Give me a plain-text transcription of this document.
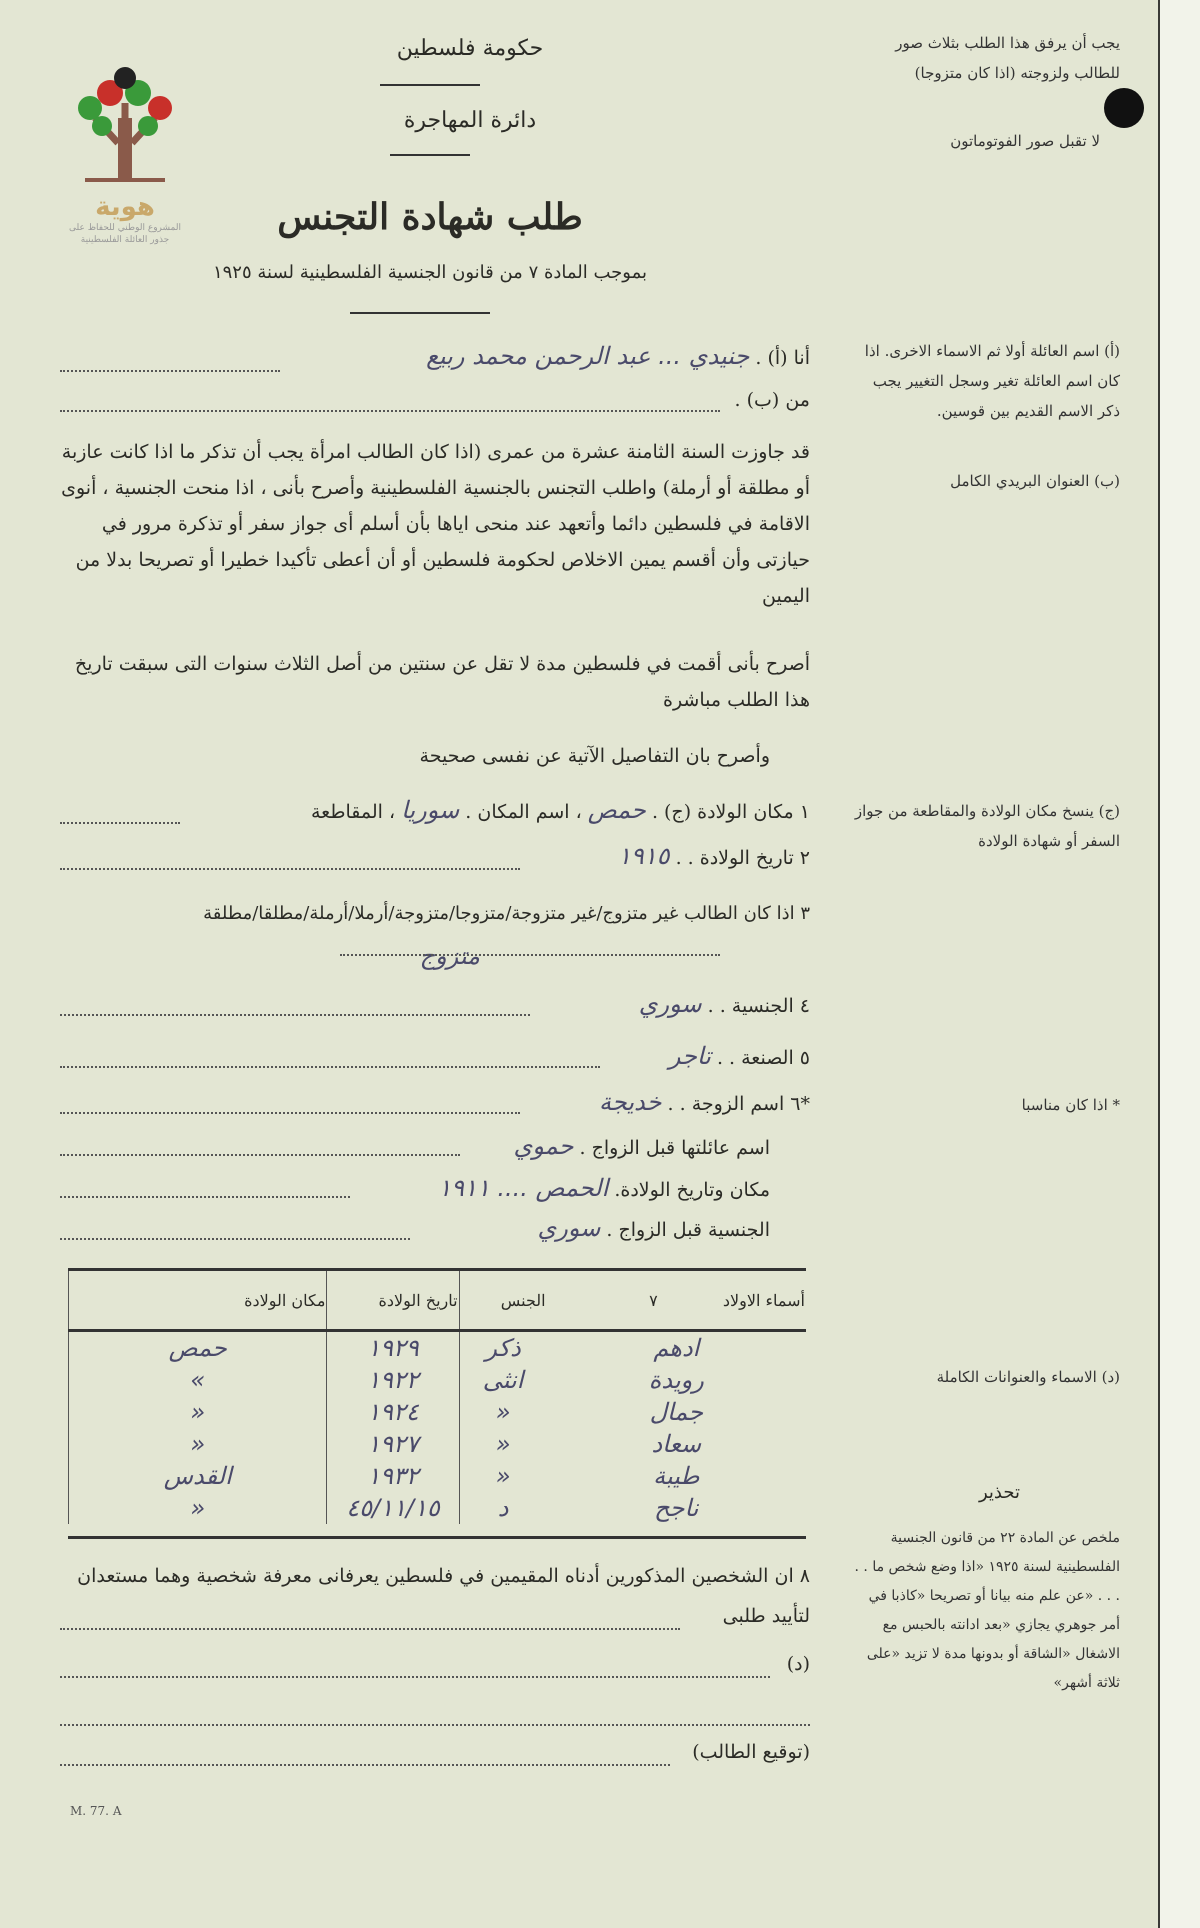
هوية
المشروع الوطني للحفاظ على
جذور العائلة الفلسطينية
حكومة فلسطين
دائرة المهاجرة
طلب شهادة التجنس
بموجب المادة ٧ من قانون الجنسية الفلسطينية لسنة ١٩٢٥
يجب أن يرفق هذا الطلب بثلاث صور للطالب ولزوجته (اذا كان متزوجا)
لا تقبل صور الفوتوماتون
(أ) اسم العائلة أولا ثم الاسماء الاخرى. اذا كان اسم العائلة تغير وسجل التغيير يجب ذكر الاسم القديم بين قوسين.
(ب) العنوان البريدي الكامل
(ج) ينسخ مكان الولادة والمقاطعة من جواز السفر أو شهادة الولادة
* اذا كان مناسبا
(د) الاسماء والعنوانات الكاملة
تحذير
ملخص عن المادة ٢٢ من قانون الجنسية الفلسطينية لسنة ١٩٢٥ «اذا وضع شخص ما . . . . . «عن علم منه بيانا أو تصريحا «كاذبا في أمر جوهري يجازي «بعد ادانته بالحبس مع الاشغال «الشاقة أو بدونها مدة لا تزيد «على ثلاثة أشهر»
أنا (أ) . جنيدي ... عبد الرحمن محمد ربيع
من (ب) .
قد جاوزت السنة الثامنة عشرة من عمرى (اذا كان الطالب امرأة يجب أن تذكر ما اذا كانت عازبة أو مطلقة أو أرملة) واطلب التجنس بالجنسية الفلسطينية وأصرح بأنى ، اذا منحت الجنسية ، أنوى الاقامة في فلسطين دائما وأتعهد عند منحى اياها بأن أسلم أى جواز سفر أو تذكرة مرور في حيازتى وأن أقسم يمين الاخلاص لحكومة فلسطين أو أن أعطى تأكيدا خطيرا أو تصريحا بدلا من اليمين
أصرح بأنى أقمت في فلسطين مدة لا تقل عن سنتين من أصل الثلاث سنوات التى سبقت تاريخ هذا الطلب مباشرة
وأصرح بان التفاصيل الآتية عن نفسى صحيحة
١ مكان الولادة (ج) . حمص ، اسم المكان . سوريا ، المقاطعة
٢ تاريخ الولادة . . ١٩١٥
٣ اذا كان الطالب غير متزوج/غير متزوجة/متزوجا/متزوجة/أرملا/أرملة/مطلقا/مطلقة
متزوج
٤ الجنسية . . سوري
٥ الصنعة . . تاجر
*٦ اسم الزوجة . . خديجة
اسم عائلتها قبل الزواج . حموي
مكان وتاريخ الولادة. الحمص .... ١٩١١
الجنسية قبل الزواج . سوري
أسماء الاولاد ٧	الجنس	تاريخ الولادة	مكان الولادة
ادهم	ذكر	١٩٢٩	حمص
رويدة	انثى	١٩٢٢	»
جمال	«	١٩٢٤	«
سعاد	«	١٩٢٧	«
طيبة	«	١٩٣٢	القدس
ناجح	د	٤٥/١١/١٥	«
٨ ان الشخصين المذكورين أدناه المقيمين في فلسطين يعرفانى معرفة شخصية وهما مستعدان لتأييد طلبى
(د)
(توقيع الطالب)
M. 77. A
